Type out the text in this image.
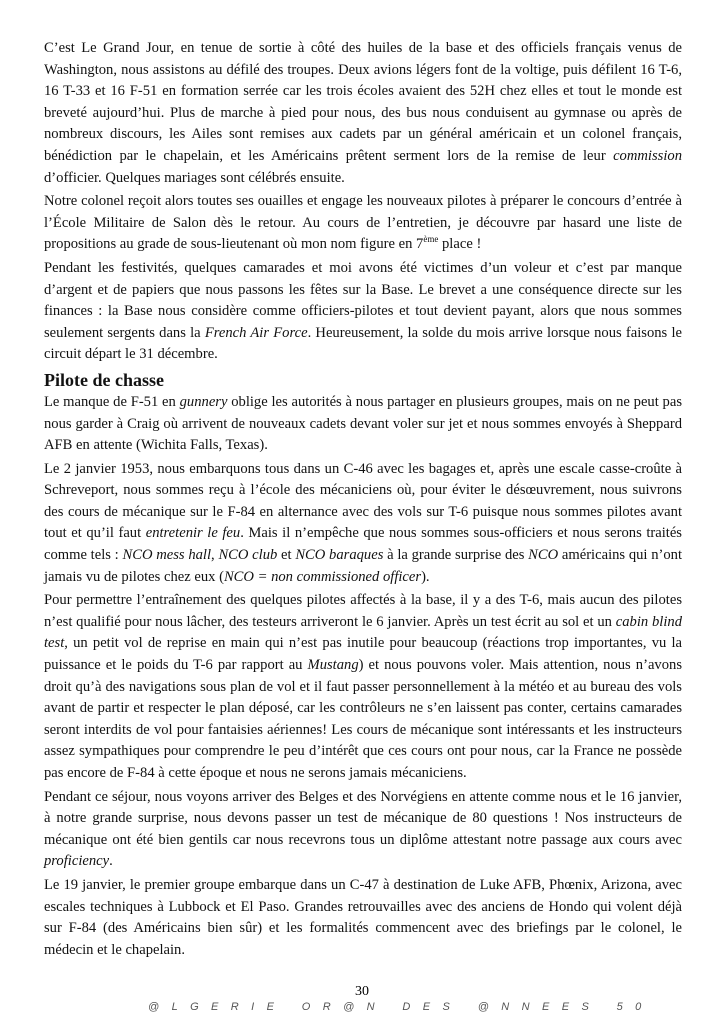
C’est Le Grand Jour, en tenue de sortie à côté des huiles de la base et des officiels français venus de Washington, nous assistons au défilé des troupes. Deux avions légers font de la voltige, puis défilent 16 T-6, 16 T-33 et 16 F-51 en formation serrée car les trois écoles avaient des 52H chez elles et tout le monde est breveté aujourd’hui. Plus de marche à pied pour nous, des bus nous conduisent au gymnase ou après de nombreux discours, les Ailes sont remises aux cadets par un général américain et un colonel français, bénédiction par le chapelain, et les Américains prêtent serment lors de la remise de leur commission d’officier. Quelques mariages sont célébrés ensuite.

Notre colonel reçoit alors toutes ses ouailles et engage les nouveaux pilotes à préparer le concours d’entrée à l’École Militaire de Salon dès le retour. Au cours de l’entretien, je découvre par hasard une liste de propositions au grade de sous-lieutenant où mon nom figure en 7ème place !

Pendant les festivités, quelques camarades et moi avons été victimes d’un voleur et c’est par manque d’argent et de papiers que nous passons les fêtes sur la Base. Le brevet a une conséquence directe sur les finances : la Base nous considère comme officiers-pilotes et tout devient payant, alors que nous sommes seulement sergents dans la French Air Force. Heureusement, la solde du mois arrive lorsque nous faisons le circuit départ le 31 décembre.

Pilote de chasse

Le manque de F-51 en gunnery oblige les autorités à nous partager en plusieurs groupes, mais on ne peut pas nous garder à Craig où arrivent de nouveaux cadets devant voler sur jet et nous sommes envoyés à Sheppard AFB en attente (Wichita Falls, Texas).

Le 2 janvier 1953, nous embarquons tous dans un C-46 avec les bagages et, après une escale casse-croûte à Schreveport, nous sommes reçu à l’école des mécaniciens où, pour éviter le désœuvrement, nous suivrons des cours de mécanique sur le F-84 en alternance avec des vols sur T-6 puisque nous sommes pilotes avant tout et qu’il faut entretenir le feu. Mais il n’empêche que nous sommes sous-officiers et nous serons traités comme tels : NCO mess hall, NCO club et NCO baraques à la grande surprise des NCO américains qui n’ont jamais vu de pilotes chez eux (NCO = non commissioned officer).

Pour permettre l’entraînement des quelques pilotes affectés à la base, il y a des T-6, mais aucun des pilotes n’est qualifié pour nous lâcher, des testeurs arriveront le 6 janvier. Après un test écrit au sol et un cabin blind test, un petit vol de reprise en main qui n’est pas inutile pour beaucoup (réactions trop importantes, vu la puissance et le poids du T-6 par rapport au Mustang) et nous pouvons voler. Mais attention, nous n’avons droit qu’à des navigations sous plan de vol et il faut passer personnellement à la météo et au bureau des vols avant de partir et respecter le plan déposé, car les contrôleurs ne s’en laissent pas conter, certains camarades seront interdits de vol pour fantaisies aériennes! Les cours de mécanique sont intéressants et les instructeurs assez sympathiques pour comprendre le peu d’intérêt que ces cours ont pour nous, car la France ne possède pas encore de F-84 à cette époque et nous ne serons jamais mécaniciens.

Pendant ce séjour, nous voyons arriver des Belges et des Norvégiens en attente comme nous et le 16 janvier, à notre grande surprise, nous devons passer un test de mécanique de 80 questions ! Nos instructeurs de mécanique ont été bien gentils car nous recevrons tous un diplôme attestant notre passage aux cours avec proficiency.

Le 19 janvier, le premier groupe embarque dans un C-47 à destination de Luke AFB, Phœnix, Arizona, avec escales techniques à Lubbock et El Paso. Grandes retrouvailles avec des anciens de Hondo qui volent déjà sur F-84 (des Américains bien sûr) et les formalités commencent avec des briefings par le colonel, le médecin et le chapelain.

30
@LGERIE OR@N DES @NNEES 50
